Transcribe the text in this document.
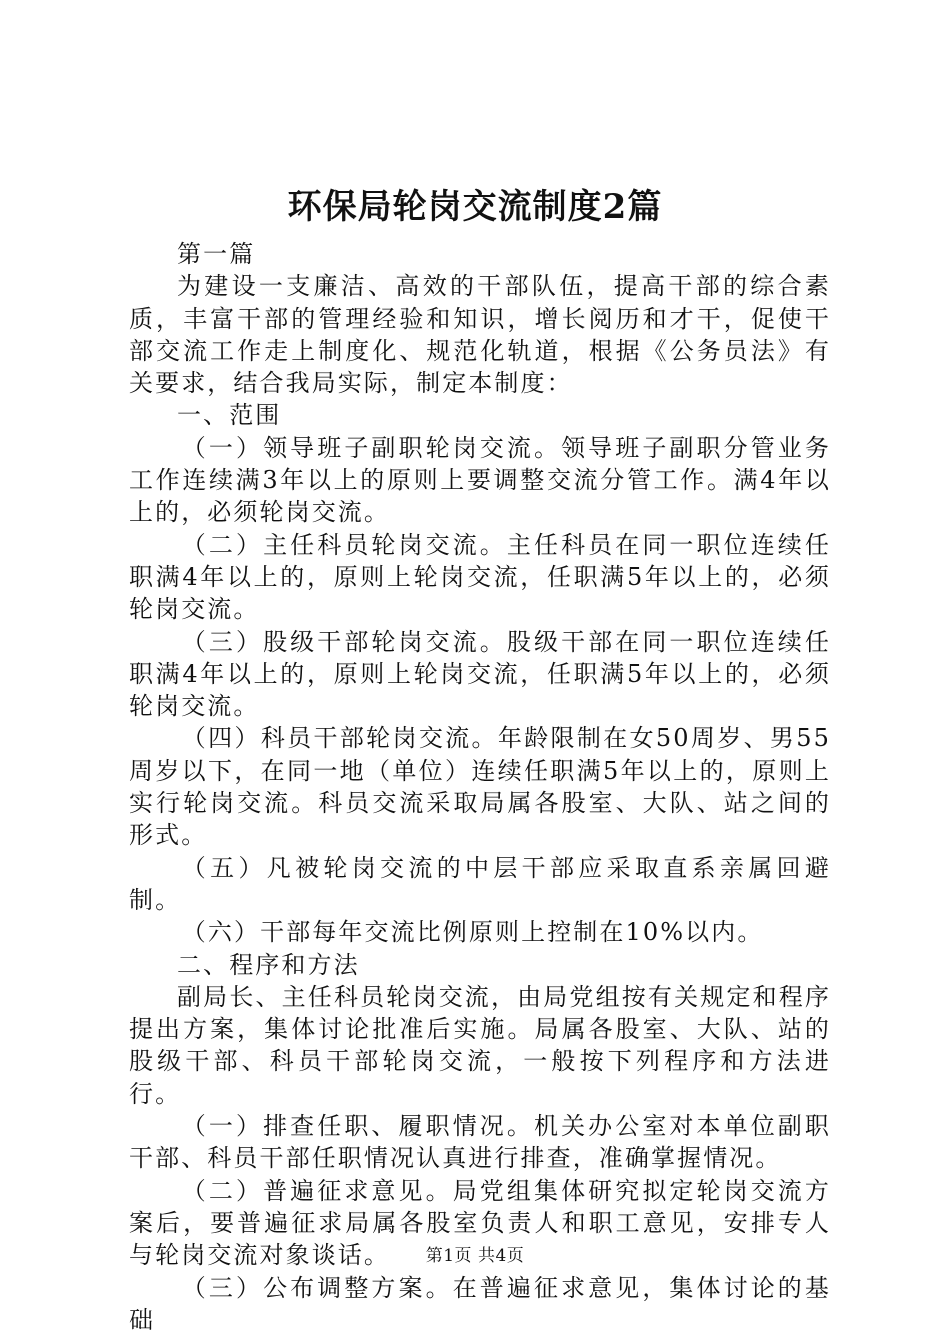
环保局轮岗交流制度2篇

第一篇

为建设一支廉洁、高效的干部队伍，提高干部的综合素质，丰富干部的管理经验和知识，增长阅历和才干，促使干部交流工作走上制度化、规范化轨道，根据《公务员法》有关要求，结合我局实际，制定本制度：

一、范围

（一）领导班子副职轮岗交流。领导班子副职分管业务工作连续满3年以上的原则上要调整交流分管工作。满4年以上的，必须轮岗交流。

（二）主任科员轮岗交流。主任科员在同一职位连续任职满4年以上的，原则上轮岗交流，任职满5年以上的，必须轮岗交流。

（三）股级干部轮岗交流。股级干部在同一职位连续任职满4年以上的，原则上轮岗交流，任职满5年以上的，必须轮岗交流。

（四）科员干部轮岗交流。年龄限制在女50周岁、男55周岁以下，在同一地（单位）连续任职满5年以上的，原则上实行轮岗交流。科员交流采取局属各股室、大队、站之间的形式。

（五）凡被轮岗交流的中层干部应采取直系亲属回避制。

（六）干部每年交流比例原则上控制在10%以内。

二、程序和方法

副局长、主任科员轮岗交流，由局党组按有关规定和程序提出方案，集体讨论批准后实施。局属各股室、大队、站的股级干部、科员干部轮岗交流，一般按下列程序和方法进行。

（一）排查任职、履职情况。机关办公室对本单位副职干部、科员干部任职情况认真进行排查，准确掌握情况。

（二）普遍征求意见。局党组集体研究拟定轮岗交流方案后，要普遍征求局属各股室负责人和职工意见，安排专人与轮岗交流对象谈话。

（三）公布调整方案。在普遍征求意见，集体讨论的基础

第1页 共4页
